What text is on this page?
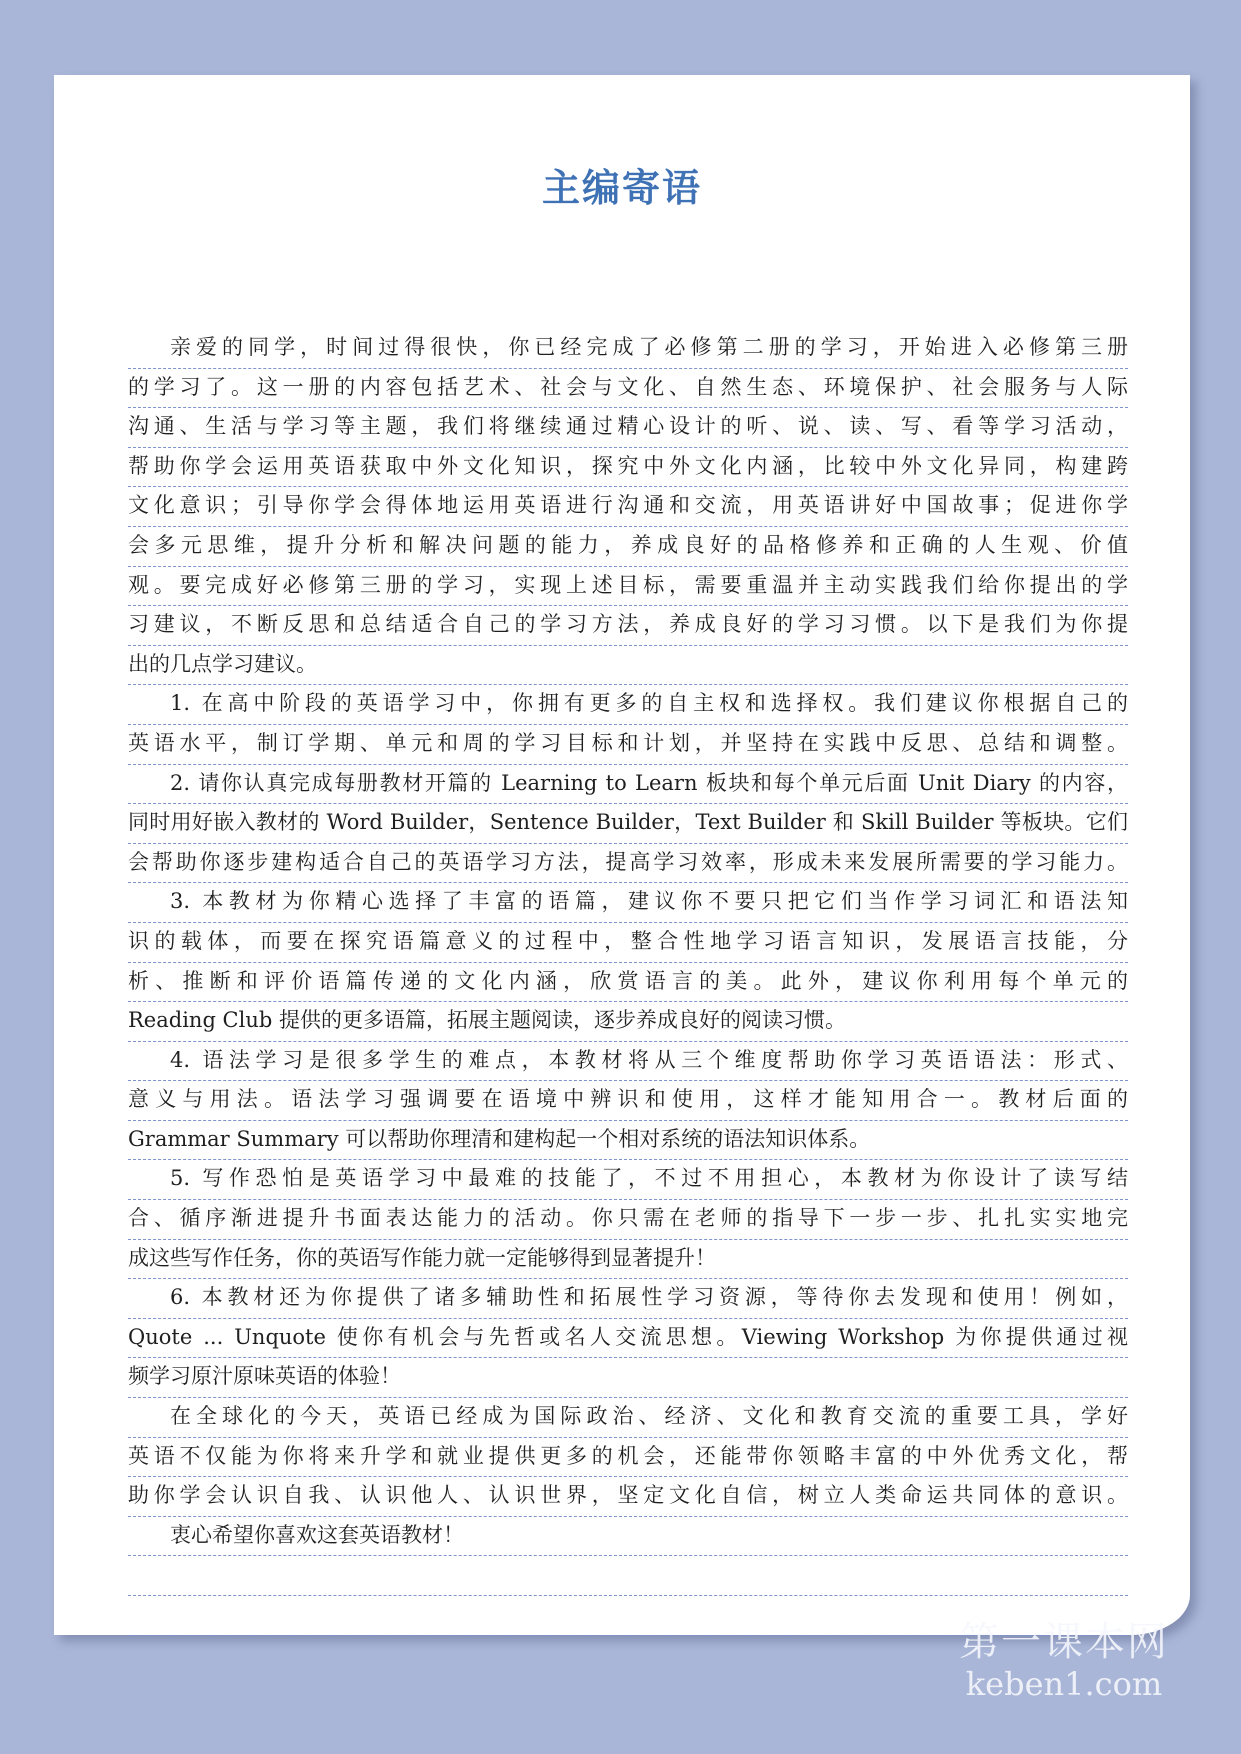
主编寄语
亲爱的同学，时间过得很快，你已经完成了必修第二册的学习，开始进入必修第三册
的学习了。这一册的内容包括艺术、社会与文化、自然生态、环境保护、社会服务与人际
沟通、生活与学习等主题，我们将继续通过精心设计的听、说、读、写、看等学习活动，
帮助你学会运用英语获取中外文化知识，探究中外文化内涵，比较中外文化异同，构建跨
文化意识；引导你学会得体地运用英语进行沟通和交流，用英语讲好中国故事；促进你学
会多元思维，提升分析和解决问题的能力，养成良好的品格修养和正确的人生观、价值
观。要完成好必修第三册的学习，实现上述目标，需要重温并主动实践我们给你提出的学
习建议，不断反思和总结适合自己的学习方法，养成良好的学习习惯。以下是我们为你提
出的几点学习建议。
1. 在高中阶段的英语学习中，你拥有更多的自主权和选择权。我们建议你根据自己的
英语水平，制订学期、单元和周的学习目标和计划，并坚持在实践中反思、总结和调整。
2. 请你认真完成每册教材开篇的 Learning to Learn 板块和每个单元后面 Unit Diary 的内容，
同时用好嵌入教材的 Word Builder，Sentence Builder，Text Builder 和 Skill Builder 等板块。它们
会帮助你逐步建构适合自己的英语学习方法，提高学习效率，形成未来发展所需要的学习能力。
3. 本教材为你精心选择了丰富的语篇，建议你不要只把它们当作学习词汇和语法知
识的载体，而要在探究语篇意义的过程中，整合性地学习语言知识，发展语言技能，分
析、推断和评价语篇传递的文化内涵，欣赏语言的美。此外，建议你利用每个单元的
Reading Club 提供的更多语篇，拓展主题阅读，逐步养成良好的阅读习惯。
4. 语法学习是很多学生的难点，本教材将从三个维度帮助你学习英语语法：形式、
意义与用法。语法学习强调要在语境中辨识和使用，这样才能知用合一。教材后面的
Grammar Summary 可以帮助你理清和建构起一个相对系统的语法知识体系。
5. 写作恐怕是英语学习中最难的技能了，不过不用担心，本教材为你设计了读写结
合、循序渐进提升书面表达能力的活动。你只需在老师的指导下一步一步、扎扎实实地完
成这些写作任务，你的英语写作能力就一定能够得到显著提升！
6. 本教材还为你提供了诸多辅助性和拓展性学习资源，等待你去发现和使用！例如，
Quote ... Unquote 使你有机会与先哲或名人交流思想。Viewing Workshop 为你提供通过视
频学习原汁原味英语的体验！
在全球化的今天，英语已经成为国际政治、经济、文化和教育交流的重要工具，学好
英语不仅能为你将来升学和就业提供更多的机会，还能带你领略丰富的中外优秀文化，帮
助你学会认识自我、认识他人、认识世界，坚定文化自信，树立人类命运共同体的意识。
衷心希望你喜欢这套英语教材！
第一课本网
keben1.com
